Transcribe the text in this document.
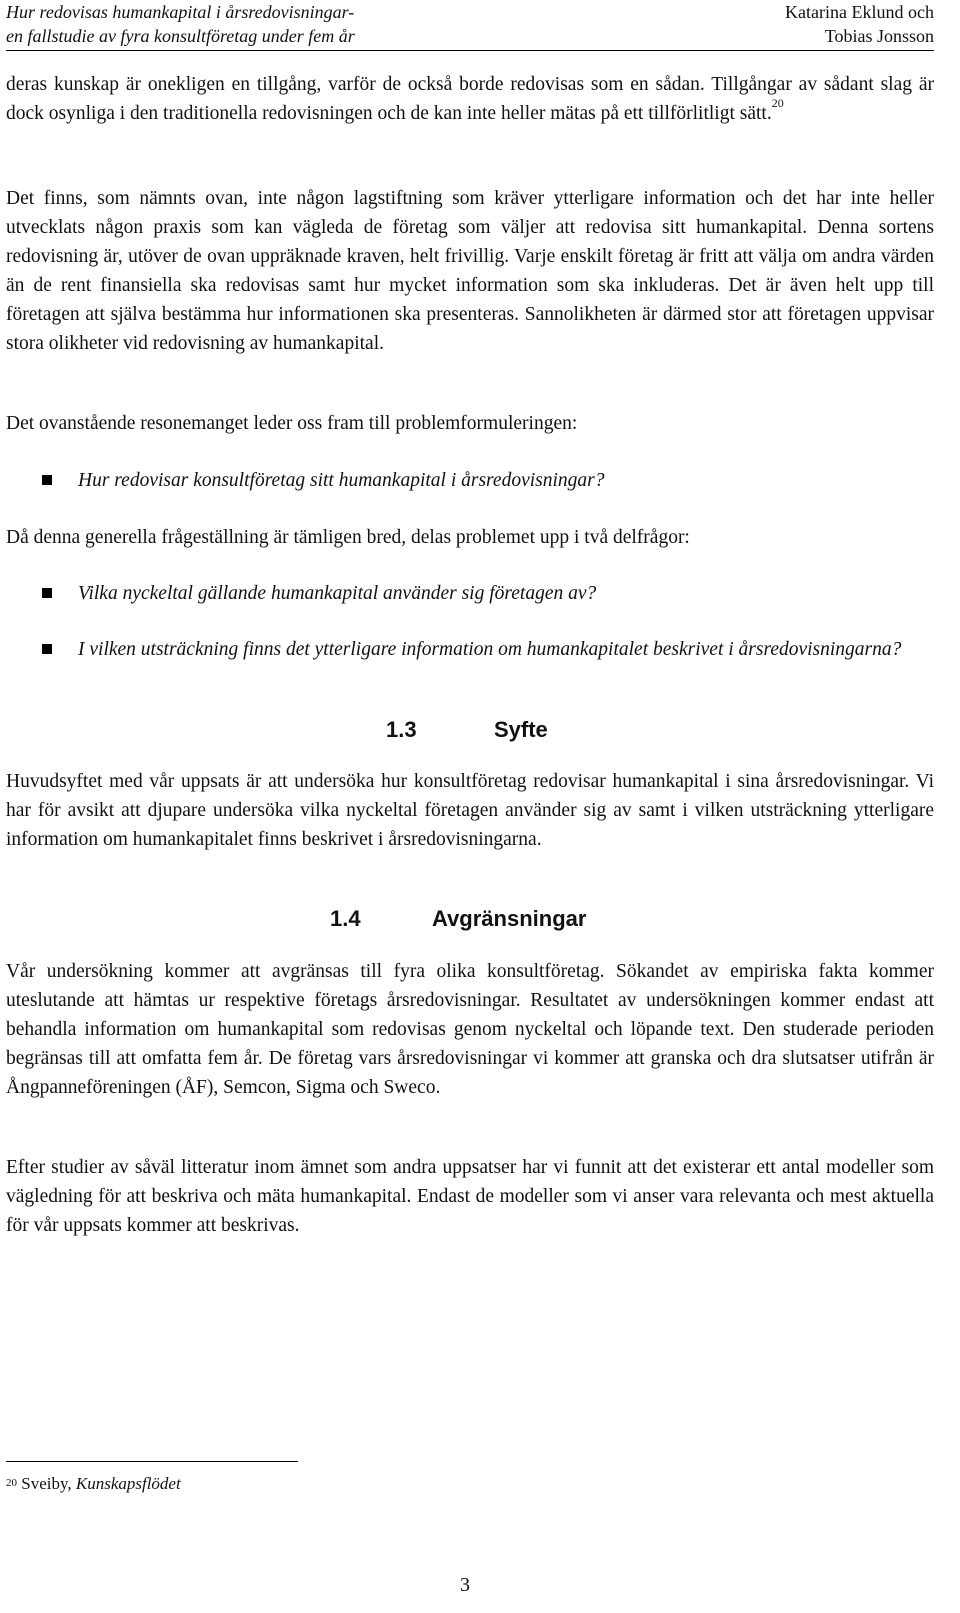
Hur redovisas humankapital i årsredovisningar-
en fallstudie av fyra konsultföretag under fem år
Katarina Eklund och
Tobias Jonsson
deras kunskap är onekligen en tillgång, varför de också borde redovisas som en sådan. Tillgångar av sådant slag är dock osynliga i den traditionella redovisningen och de kan inte heller mätas på ett tillförlitligt sätt.$^{20}$
Det finns, som nämnts ovan, inte någon lagstiftning som kräver ytterligare information och det har inte heller utvecklats någon praxis som kan vägleda de företag som väljer att redovisa sitt humankapital. Denna sortens redovisning är, utöver de ovan uppräknade kraven, helt frivillig. Varje enskilt företag är fritt att välja om andra värden än de rent finansiella ska redovisas samt hur mycket information som ska inkluderas. Det är även helt upp till företagen att själva bestämma hur informationen ska presenteras. Sannolikheten är därmed stor att företagen uppvisar stora olikheter vid redovisning av humankapital.
Det ovanstående resonemanget leder oss fram till problemformuleringen:
Hur redovisar konsultföretag sitt humankapital i årsredovisningar?
Då denna generella frågeställning är tämligen bred, delas problemet upp i två delfrågor:
Vilka nyckeltal gällande humankapital använder sig företagen av?
I vilken utsträckning finns det ytterligare information om humankapitalet beskrivet i årsredovisningarna?
1.3	Syfte
Huvudsyftet med vår uppsats är att undersöka hur konsultföretag redovisar humankapital i sina årsredovisningar. Vi har för avsikt att djupare undersöka vilka nyckeltal företagen använder sig av samt i vilken utsträckning ytterligare information om humankapitalet finns beskrivet i årsredovisningarna.
1.4	Avgränsningar
Vår undersökning kommer att avgränsas till fyra olika konsultföretag. Sökandet av empiriska fakta kommer uteslutande att hämtas ur respektive företags årsredovisningar. Resultatet av undersökningen kommer endast att behandla information om humankapital som redovisas genom nyckeltal och löpande text. Den studerade perioden begränsas till att omfatta fem år. De företag vars årsredovisningar vi kommer att granska och dra slutsatser utifrån är Ångpanneföreningen (ÅF), Semcon, Sigma och Sweco.
Efter studier av såväl litteratur inom ämnet som andra uppsatser har vi funnit att det existerar ett antal modeller som vägledning för att beskriva och mäta humankapital. Endast de modeller som vi anser vara relevanta och mest aktuella för vår uppsats kommer att beskrivas.
$^{20}$ Sveiby, Kunskapsflödet
3
